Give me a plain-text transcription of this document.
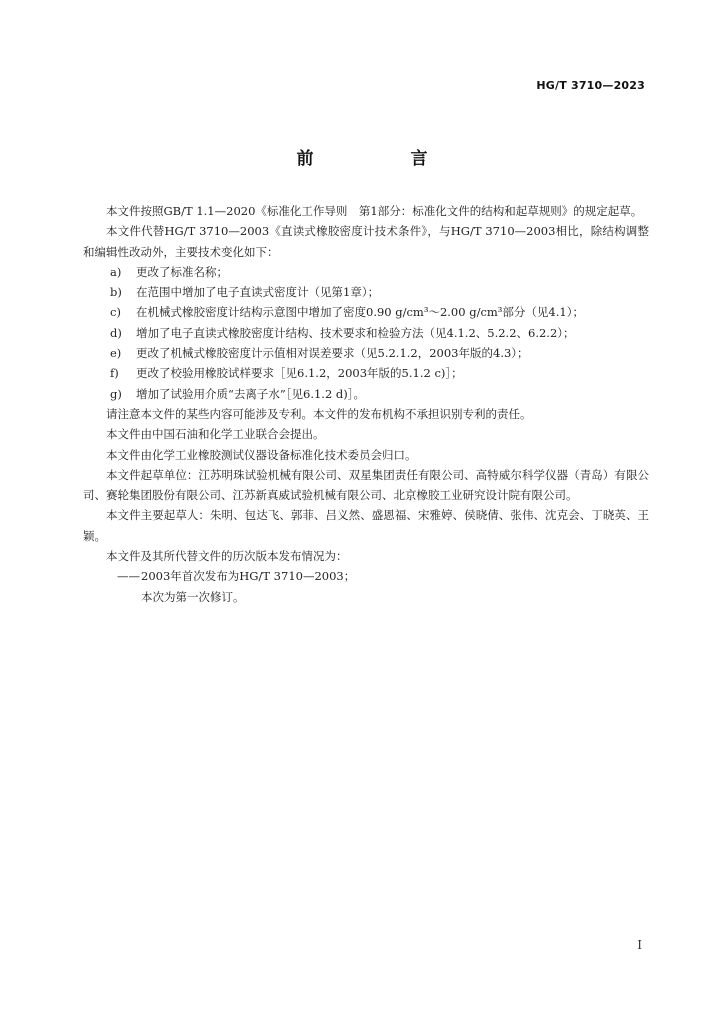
HG/T 3710—2023
前　言

本文件按照GB/T 1.1—2020《标准化工作导则　第1部分：标准化文件的结构和起草规则》的规定起草。

本文件代替HG/T 3710—2003《直读式橡胶密度计技术条件》，与HG/T 3710—2003相比，除结构调整和编辑性改动外，主要技术变化如下：

a) 更改了标准名称；

b) 在范围中增加了电子直读式密度计（见第1章）；

c) 在机械式橡胶密度计结构示意图中增加了密度0.90 g/cm³～2.00 g/cm³部分（见4.1）；

d) 增加了电子直读式橡胶密度计结构、技术要求和检验方法（见4.1.2、5.2.2、6.2.2）；

e) 更改了机械式橡胶密度计示值相对误差要求（见5.2.1.2，2003年版的4.3）；

f) 更改了校验用橡胶试样要求［见6.1.2，2003年版的5.1.2 c)］；

g) 增加了试验用介质“去离子水”［见6.1.2 d)］。

请注意本文件的某些内容可能涉及专利。本文件的发布机构不承担识别专利的责任。

本文件由中国石油和化学工业联合会提出。

本文件由化学工业橡胶测试仪器设备标准化技术委员会归口。

本文件起草单位：江苏明珠试验机械有限公司、双星集团责任有限公司、高特威尔科学仪器（青岛）有限公司、赛轮集团股份有限公司、江苏新真威试验机械有限公司、北京橡胶工业研究设计院有限公司。

本文件主要起草人：朱明、包达飞、郭菲、吕义然、盛恩福、宋雅婷、侯晓倩、张伟、沈克会、丁晓英、王颖。

本文件及其所代替文件的历次版本发布情况为：

——2003年首次发布为HG/T 3710—2003；

本次为第一次修订。

I
